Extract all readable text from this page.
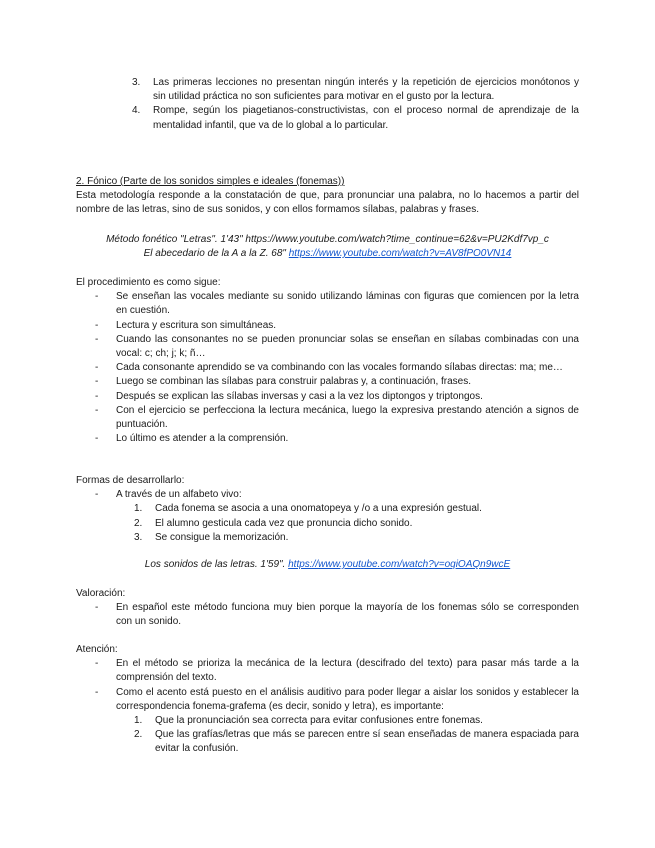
3.	Las primeras lecciones no presentan ningún interés y la repetición de ejercicios monótonos y sin utilidad práctica no son suficientes para motivar en el gusto por la lectura.
4.	Rompe, según los piagetianos-constructivistas, con el proceso normal de aprendizaje de la mentalidad infantil, que va de lo global a lo particular.

2. Fónico (Parte de los sonidos simples e ideales (fonemas))

Esta metodología responde a la constatación de que, para pronunciar una palabra, no lo hacemos a partir del nombre de las letras, sino de sus sonidos, y con ellos formamos sílabas, palabras y frases.

Método fonético "Letras". 1'43" https://www.youtube.com/watch?time_continue=62&v=PU2Kdf7vp_c

El abecedario de la A a la Z. 68" https://www.youtube.com/watch?v=AV8fPO0VN14

El procedimiento es como sigue:

-	Se enseñan las vocales mediante su sonido utilizando láminas con figuras que comiencen por la letra en cuestión.
-	Lectura y escritura son simultáneas.
-	Cuando las consonantes no se pueden pronunciar solas se enseñan en sílabas combinadas con una vocal: c; ch; j; k; ñ…
-	Cada consonante aprendido se va combinando con las vocales formando sílabas directas: ma; me…
-	Luego se combinan las sílabas para construir palabras y, a continuación, frases.
-	Después se explican las sílabas inversas y casi a la vez los diptongos y triptongos.
-	Con el ejercicio se perfecciona la lectura mecánica, luego la expresiva prestando atención a signos de puntuación.
-	Lo último es atender a la comprensión.

Formas de desarrollarlo:

-	A través de un alfabeto vivo:
1.	Cada fonema se asocia a una onomatopeya y /o a una expresión gestual.
2.	El alumno gesticula cada vez que pronuncia dicho sonido.
3.	Se consigue la memorización.

Los sonidos de las letras. 1'59". https://www.youtube.com/watch?v=oqiOAQn9wcE

Valoración:

-	En español este método funciona muy bien porque la mayoría de los fonemas sólo se corresponden con un sonido.

Atención:

-	En el método se prioriza la mecánica de la lectura (descifrado del texto) para pasar más tarde a la comprensión del texto.
-	Como el acento está puesto en el análisis auditivo para poder llegar a aislar los sonidos y establecer la correspondencia fonema-grafema (es decir, sonido y letra), es importante:
1.	Que la pronunciación sea correcta para evitar confusiones entre fonemas.
2.	Que las grafías/letras que más se parecen entre sí sean enseñadas de manera espaciada para evitar la confusión.
